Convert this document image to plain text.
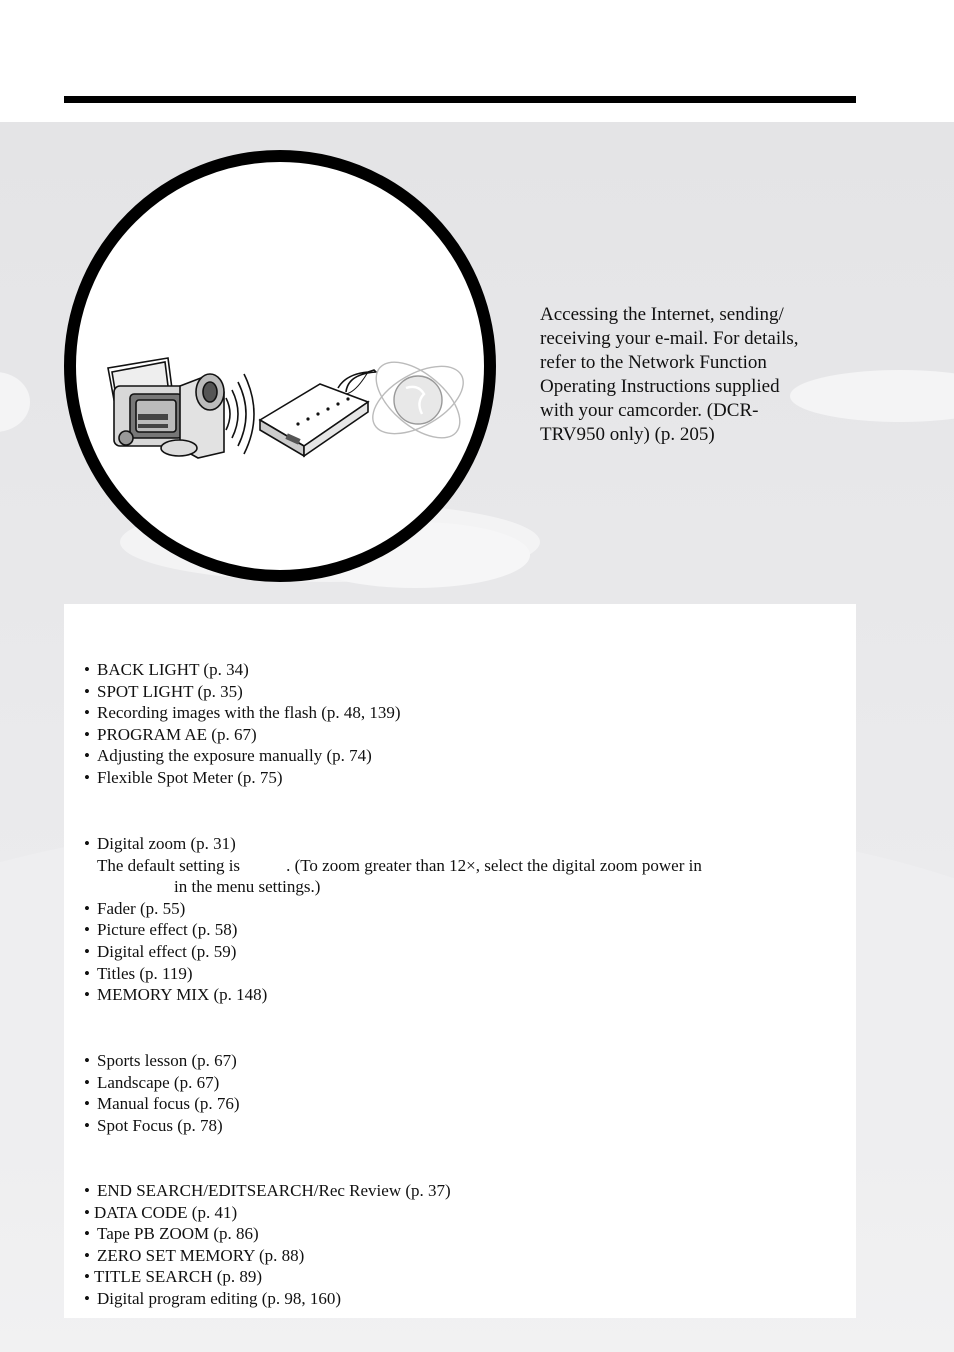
Accessing the Internet, sending/
receiving your e-mail. For details,
refer to the Network Function
Operating Instructions supplied
with your camcorder. (DCR-
TRV950 only) (p. 205)

• BACK LIGHT (p. 34)
• SPOT LIGHT (p. 35)
• Recording images with the flash (p. 48, 139)
• PROGRAM AE (p. 67)
• Adjusting the exposure manually (p. 74)
• Flexible Spot Meter (p. 75)
• Digital zoom (p. 31)
The default setting is	. (To zoom greater than 12×, select the digital zoom power in
in the menu settings.)
• Fader (p. 55)
• Picture effect (p. 58)
• Digital effect (p. 59)
• Titles (p. 119)
• MEMORY MIX (p. 148)
• Sports lesson (p. 67)
• Landscape (p. 67)
• Manual focus (p. 76)
• Spot Focus (p. 78)
• END SEARCH/EDITSEARCH/Rec Review (p. 37)
• DATA CODE (p. 41)
• Tape PB ZOOM (p. 86)
• ZERO SET MEMORY (p. 88)
• TITLE SEARCH (p. 89)
• Digital program editing (p. 98, 160)
